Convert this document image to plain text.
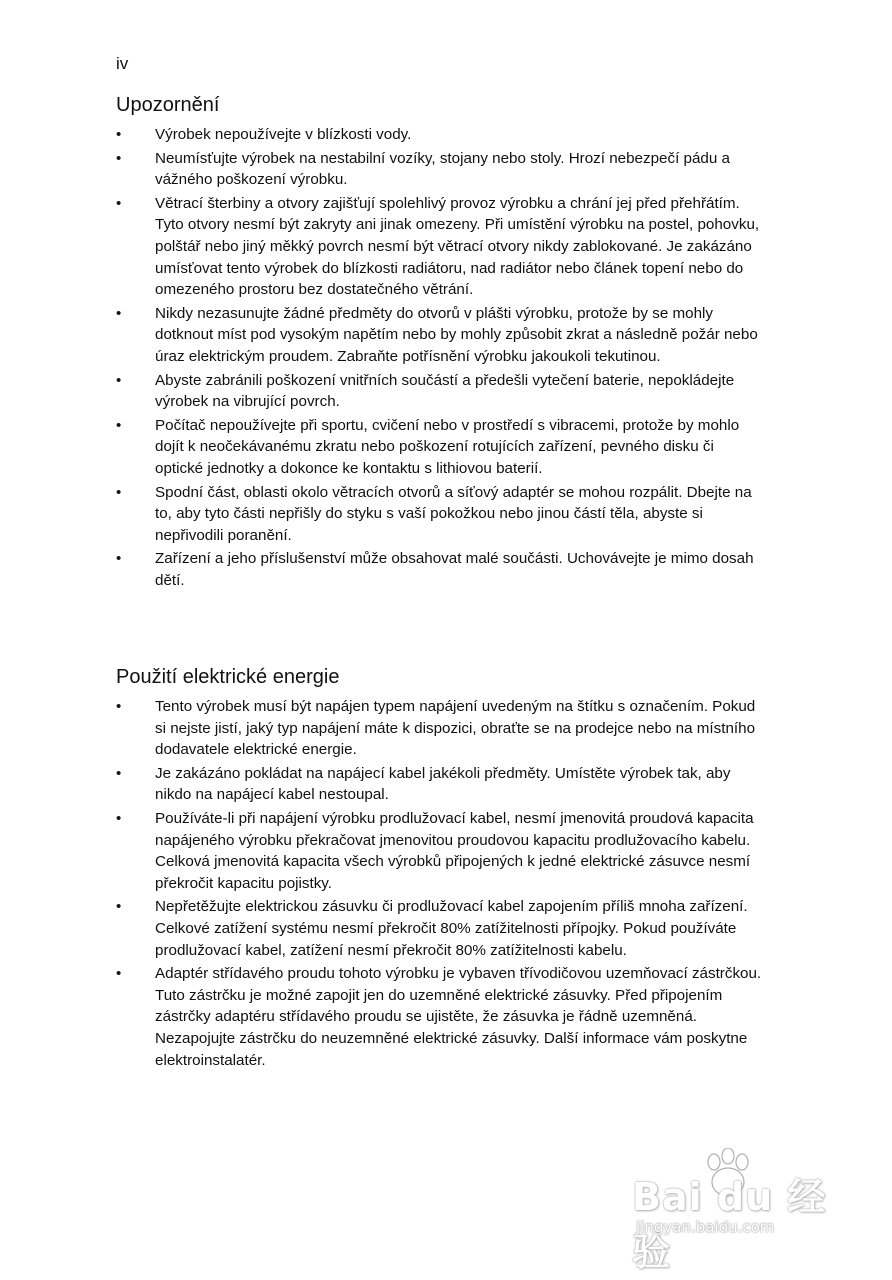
iv
Upozornění
•	Výrobek nepoužívejte v blízkosti vody.
•	Neumísťujte výrobek na nestabilní vozíky, stojany nebo stoly. Hrozí nebezpečí pádu a vážného poškození výrobku.
•	Větrací šterbiny a otvory zajišťují spolehlivý provoz výrobku a chrání jej před přehřátím. Tyto otvory nesmí být zakryty ani jinak omezeny. Při umístění výrobku na postel, pohovku, polštář nebo jiný měkký povrch nesmí být větrací otvory nikdy zablokované. Je zakázáno umísťovat tento výrobek do blízkosti radiátoru, nad radiátor nebo článek topení nebo do omezeného prostoru bez dostatečného větrání.
•	Nikdy nezasunujte žádné předměty do otvorů v plášti výrobku, protože by se mohly dotknout míst pod vysokým napětím nebo by mohly způsobit zkrat a následně požár nebo úraz elektrickým proudem. Zabraňte potřísnění výrobku jakoukoli tekutinou.
•	Abyste zabránili poškození vnitřních součástí a předešli vytečení baterie, nepokládejte výrobek na vibrující povrch.
•	Počítač nepoužívejte při sportu, cvičení nebo v prostředí s vibracemi, protože by mohlo dojít k neočekávanému zkratu nebo poškození rotujících zařízení, pevného disku či optické jednotky a dokonce ke kontaktu s lithiovou baterií.
•	Spodní část, oblasti okolo větracích otvorů a síťový adaptér se mohou rozpálit. Dbejte na to, aby tyto části nepřišly do styku s vaší pokožkou nebo jinou částí těla, abyste si nepřivodili poranění.
•	Zařízení a jeho příslušenství může obsahovat malé součásti. Uchovávejte je mimo dosah dětí.
Použití elektrické energie
•	Tento výrobek musí být napájen typem napájení uvedeným na štítku s označením. Pokud si nejste jistí, jaký typ napájení máte k dispozici, obraťte se na prodejce nebo na místního dodavatele elektrické energie.
•	Je zakázáno pokládat na napájecí kabel jakékoli předměty. Umístěte výrobek tak, aby nikdo na napájecí kabel nestoupal.
•	Používáte-li při napájení výrobku prodlužovací kabel, nesmí jmenovitá proudová kapacita napájeného výrobku překračovat jmenovitou proudovou kapacitu prodlužovacího kabelu. Celková jmenovitá kapacita všech výrobků připojených k jedné elektrické zásuvce nesmí překročit kapacitu pojistky.
•	Nepřetěžujte elektrickou zásuvku či prodlužovací kabel zapojením příliš mnoha zařízení. Celkové zatížení systému nesmí překročit 80% zatížitelnosti přípojky. Pokud používáte prodlužovací kabel, zatížení nesmí překročit 80% zatížitelnosti kabelu.
•	Adaptér střídavého proudu tohoto výrobku je vybaven třívodičovou uzemňovací zástrčkou. Tuto zástrčku je možné zapojit jen do uzemněné elektrické zásuvky. Před připojením zástrčky adaptéru střídavého proudu se ujistěte, že zásuvka je řádně uzemněná. Nezapojujte zástrčku do neuzemněné elektrické zásuvky. Další informace vám poskytne elektroinstalatér.
Bai du 经验
jingyan.baidu.com
